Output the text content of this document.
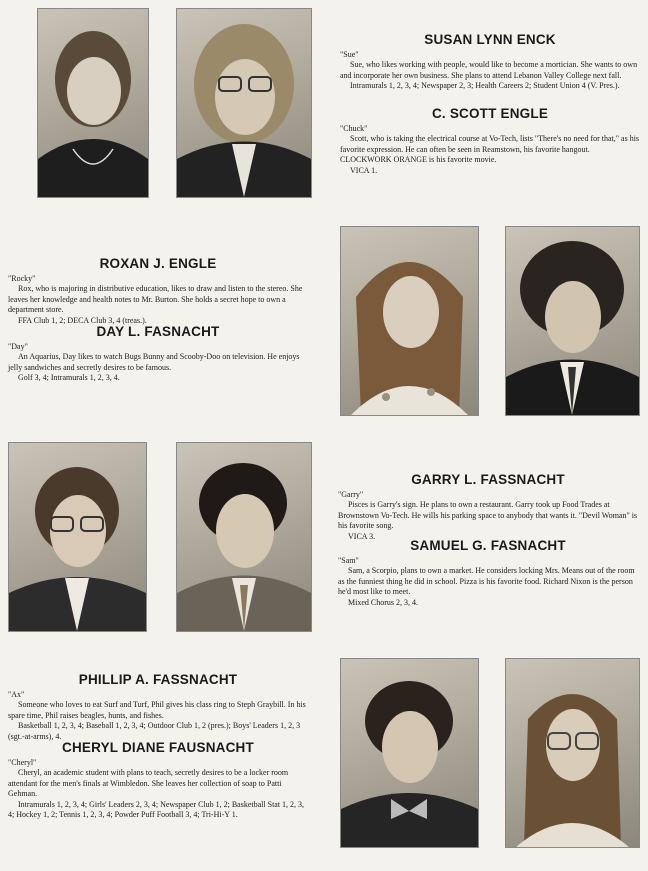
SUSAN LYNN ENCK

"Sue"

Sue, who likes working with people, would like to become a mortician. She wants to own and incorporate her own business. She plans to attend Lebanon Valley College next fall.

Intramurals 1, 2, 3, 4; Newspaper 2, 3; Health Careers 2; Student Union 4 (V. Pres.).

C. SCOTT ENGLE

"Chuck"

Scott, who is taking the electrical course at Vo-Tech, lists "There's no need for that," as his favorite expression. He can often be seen in Reamstown, his favorite hangout. CLOCKWORK ORANGE is his favorite movie.

VICA 1.

ROXAN J. ENGLE

"Rocky"

Rox, who is majoring in distributive education, likes to draw and listen to the stereo. She leaves her knowledge and health notes to Mr. Burton. She holds a secret hope to own a department store.

FFA Club 1, 2; DECA Club 3, 4 (treas.).

DAY L. FASNACHT

"Day"

An Aquarius, Day likes to watch Bugs Bunny and Scooby-Doo on television. He enjoys jelly sandwiches and secretly desires to be famous.

Golf 3, 4; Intramurals 1, 2, 3, 4.

GARRY L. FASSNACHT

"Garry"

Pisces is Garry's sign. He plans to own a restaurant. Garry took up Food Trades at Brownstown Vo-Tech. He wills his parking space to anybody that wants it. "Devil Woman" is his favorite song.

VICA 3.

SAMUEL G. FASNACHT

"Sam"

Sam, a Scorpio, plans to own a market. He considers locking Mrs. Means out of the room as the funniest thing he did in school. Pizza is his favorite food. Richard Nixon is the person he'd most like to meet.

Mixed Chorus 2, 3, 4.

PHILLIP A. FASSNACHT

"Ax"

Someone who loves to eat Surf and Turf, Phil gives his class ring to Steph Graybill. In his spare time, Phil raises beagles, hunts, and fishes.

Basketball 1, 2, 3, 4; Baseball 1, 2, 3, 4; Outdoor Club 1, 2 (pres.); Boys' Leaders 1, 2, 3 (sgt.-at-arms), 4.

CHERYL DIANE FAUSNACHT

"Cheryl"

Cheryl, an academic student with plans to teach, secretly desires to be a locker room attendant for the men's finals at Wimbledon. She leaves her collection of soap to Patti Gehman.

Intramurals 1, 2, 3, 4; Girls' Leaders 2, 3, 4; Newspaper Club 1, 2; Basketball Stat 1, 2, 3, 4; Hockey 1, 2; Tennis 1, 2, 3, 4; Powder Puff Football 3, 4; Tri-Hi-Y 1.
